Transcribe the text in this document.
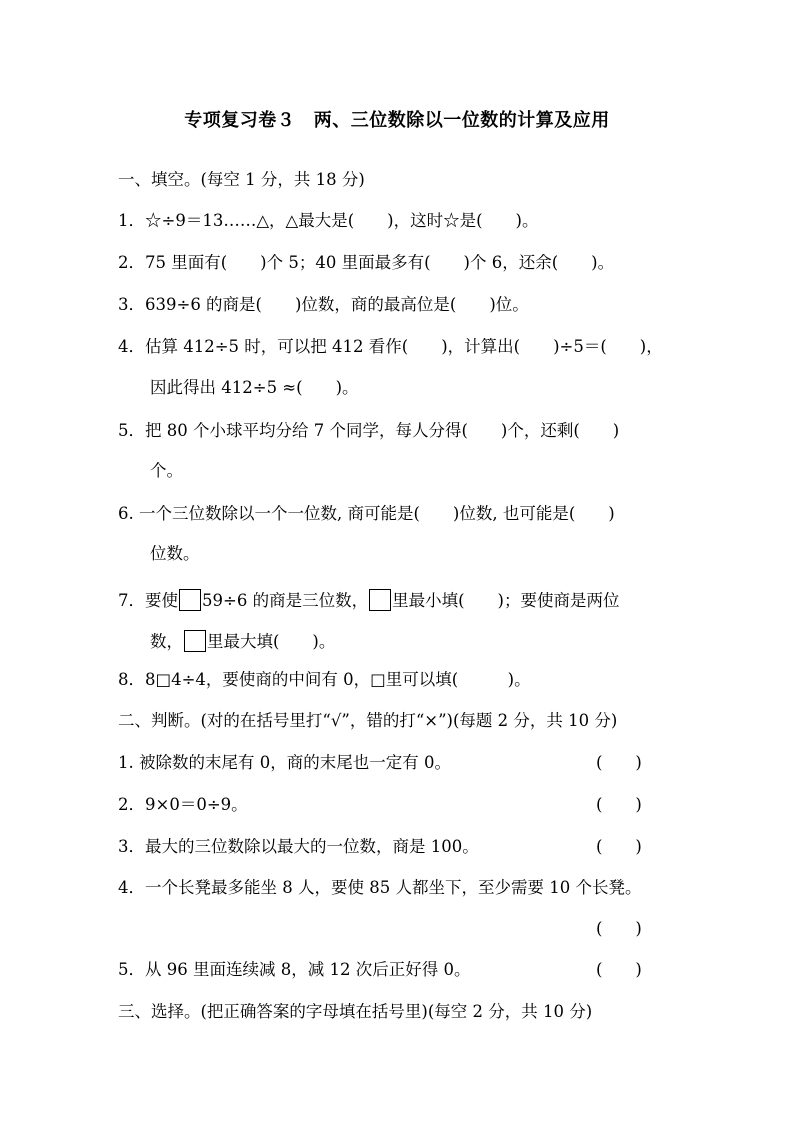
专项复习卷３　两、三位数除以一位数的计算及应用
一、填空。(每空 1 分，共 18 分)
1．☆÷9＝13……△，△最大是(　　)，这时☆是(　　)。
2．75 里面有(　　)个 5；40 里面最多有(　　)个 6，还余(　　)。
3．639÷6 的商是(　　)位数，商的最高位是(　　)位。
4．估算 412÷5 时，可以把 412 看作(　　)，计算出(　　)÷5＝(　　)，
因此得出 412÷5 ≈(　　)。
5．把 80 个小球平均分给 7 个同学，每人分得(　　)个，还剩(　　)
个。
6. 一个三位数除以一个一位数, 商可能是(　　)位数, 也可能是(　　)
位数。
7．要使 59÷6 的商是三位数， 里最小填(　　)；要使商是两位
数， 里最大填(　　)。
8．8□4÷4，要使商的中间有 0，□里可以填(　　　)。
二、判断。(对的在括号里打“√”，错的打“×”)(每题 2 分，共 10 分)
1. 被除数的末尾有 0，商的末尾也一定有 0。	(　　)
2．9×0＝0÷9。	(　　)
3．最大的三位数除以最大的一位数，商是 100。	(　　)
4．一个长凳最多能坐 8 人，要使 85 人都坐下，至少需要 10 个长凳。
(　　)
5．从 96 里面连续减 8，减 12 次后正好得 0。	(　　)
三、选择。(把正确答案的字母填在括号里)(每空 2 分，共 10 分)
